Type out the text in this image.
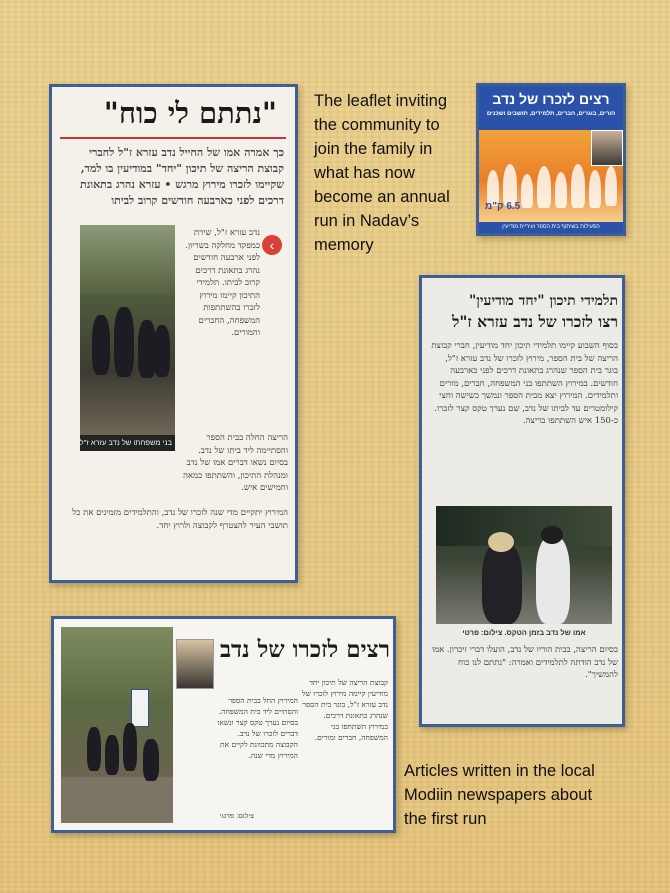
"נתתם לי כוח"

כך אמרה אמו של החייל נדב עזרא ז"ל לחברי קבוצת הריצה של תיכון "יחד" במודיעין בו למד, שקיימו לזכרו מירוץ מרגש • עזרא נהרג בתאונת דרכים לפני כארבעה חודשים קרוב לביתו

בני משפחתו של נדב עזרא ז"ל במירוץ
‹

נדב עזרא ז"ל, שירת כמפקד מחלקה בשריון. לפני ארבעה חודשים נהרג בתאונת דרכים קרוב לביתו. תלמידי התיכון קיימו מירוץ לזכרו בהשתתפות המשפחה, החברים והמורים.

הריצה החלה בבית הספר והסתיימה ליד ביתו של נדב. בסיום נשאו דברים אמו של נדב ומנהלת התיכון, והשתתפו כמאה וחמישים איש.

המירוץ יתקיים מדי שנה לזכרו של נדב, והתלמידים מזמינים את כל תושבי העיר להצטרף לקבוצה ולרוץ יחד.

The leaflet inviting
the community to
join the family in
what has now
become an annual
run in Nadav’s
memory

רצים לזכרו של נדב
הורים, בוגרים, חברים, תלמידים, תושבים ושכנים
6.5 ק"מ
הפעילות בשיתוף בית הספר ועיריית מודיעין
תלמידי תיכון "יחד מודיעין"
רצו לזכרו של נדב עזרא ז"ל

בסוף השבוע קיימו תלמידי תיכון יחד מודיעין, חברי קבוצת הריצה של בית הספר, מירוץ לזכרו של נדב עזרא ז"ל, בוגר בית הספר שנהרג בתאונת דרכים לפני כארבעה חודשים. במירוץ השתתפו בני המשפחה, חברים, מורים ותלמידים. המירוץ יצא מבית הספר ונמשך כשישה וחצי קילומטרים עד לביתו של נדב, שם נערך טקס קצר לזכרו. כ-150 איש השתתפו בריצה.

אמו של נדב בזמן הטקס. צילום: פרטי

בסיום הריצה, בבית הוריו של נדב, הועלו דברי זיכרון. אמו של נדב הודתה לתלמידים ואמרה: "נתתם לנו כוח להמשיך".

רצים לזכרו של נדב

קבוצת הריצה של תיכון יחד מודיעין קיימה מירוץ לזכרו של נדב עזרא ז"ל, בוגר בית הספר שנהרג בתאונת דרכים. במירוץ השתתפו בני המשפחה, חברים ומורים.

המירוץ החל בבית הספר והסתיים ליד בית המשפחה. בסיום נערך טקס קצר ונשאו דברים לזכרו של נדב. הקבוצה מתכוונת לקיים את המירוץ מדי שנה.

צילום: פרטי

Articles written in the local
Modiin newspapers about
the first run
